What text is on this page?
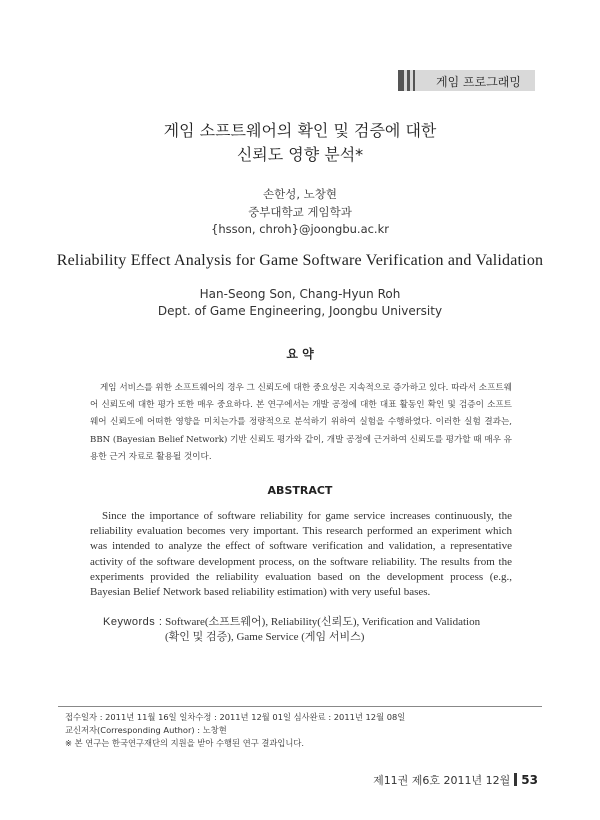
게임 프로그래밍
게임 소프트웨어의 확인 및 검증에 대한
신뢰도 영향 분석*
손한성, 노창현
중부대학교 게임학과
{hsson, chroh}@joongbu.ac.kr
Reliability Effect Analysis for Game Software Verification and Validation
Han-Seong Son, Chang-Hyun Roh
Dept. of Game Engineering, Joongbu University
요 약
게임 서비스를 위한 소프트웨어의 경우 그 신뢰도에 대한 중요성은 지속적으로 증가하고 있다. 따라서 소프트웨어 신뢰도에 대한 평가 또한 매우 중요하다. 본 연구에서는 개발 공정에 대한 대표 활동인 확인 및 검증이 소프트웨어 신뢰도에 어떠한 영향을 미치는가를 정량적으로 분석하기 위하여 실험을 수행하였다. 이러한 실험 결과는, BBN (Bayesian Belief Network) 기반 신뢰도 평가와 같이, 개발 공정에 근거하여 신뢰도를 평가할 때 매우 유용한 근거 자료로 활용될 것이다.
ABSTRACT
Since the importance of software reliability for game service increases continuously, the reliability evaluation becomes very important. This research performed an experiment which was intended to analyze the effect of software verification and validation, a representative activity of the software development process, on the software reliability. The results from the experiments provided the reliability evaluation based on the development process (e.g., Bayesian Belief Network based reliability estimation) with very useful bases.
Keywords : Software(소프트웨어), Reliability(신뢰도), Verification and Validation
(확인 및 검증), Game Service (게임 서비스)
접수일자 : 2011년 11월 16일 일차수정 : 2011년 12월 01일 심사완료 : 2011년 12월 08일
교신저자(Corresponding Author) : 노창현
※ 본 연구는 한국연구재단의 지원을 받아 수행된 연구 결과입니다.
제11권 제6호 2011년 12월 53
